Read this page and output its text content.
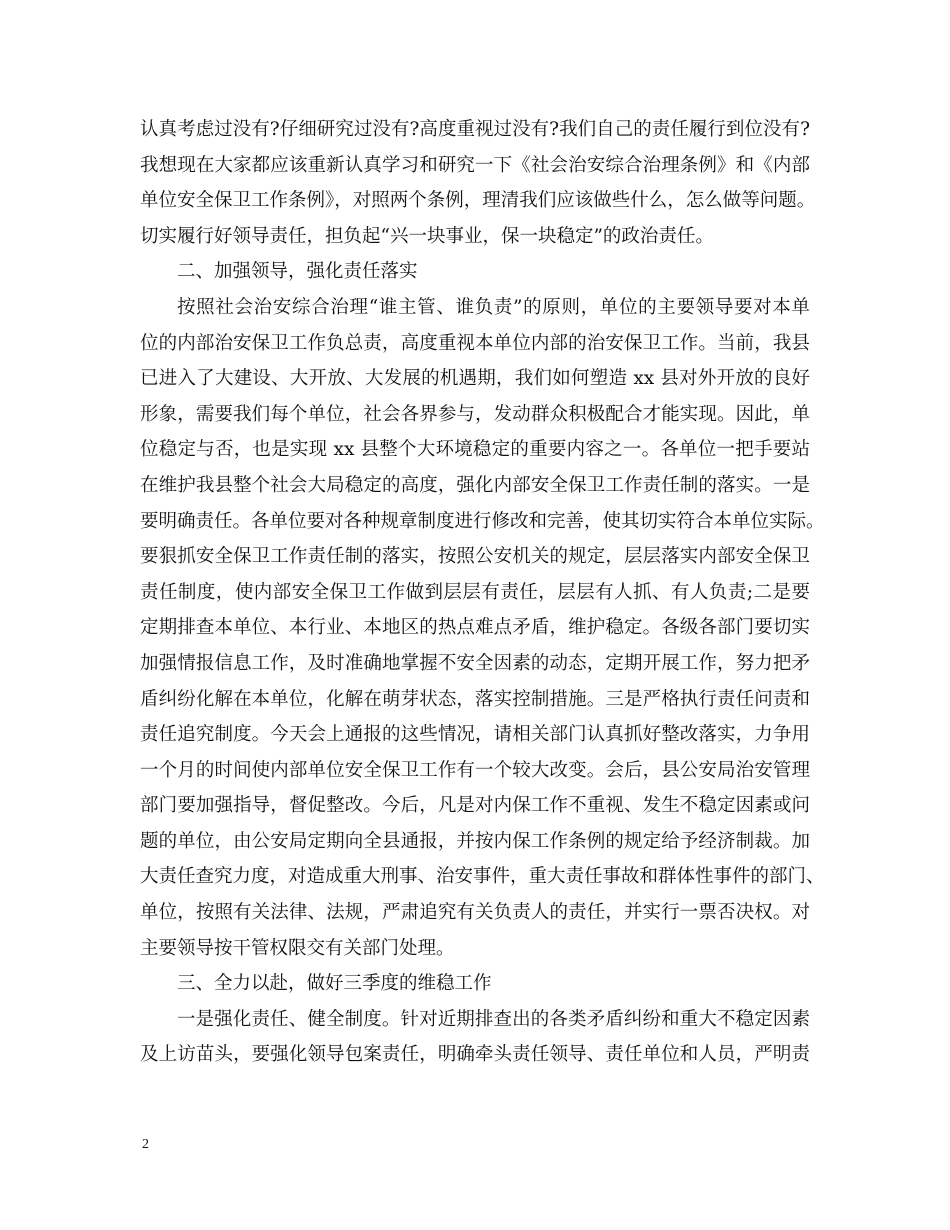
认真考虑过没有?仔细研究过没有?高度重视过没有?我们自己的责任履行到位没有?
我想现在大家都应该重新认真学习和研究一下《社会治安综合治理条例》和《内部
单位安全保卫工作条例》，对照两个条例，理清我们应该做些什么，怎么做等问题。
切实履行好领导责任，担负起“兴一块事业，保一块稳定”的政治责任。
二、加强领导，强化责任落实
按照社会治安综合治理“谁主管、谁负责”的原则，单位的主要领导要对本单
位的内部治安保卫工作负总责，高度重视本单位内部的治安保卫工作。当前，我县
已进入了大建设、大开放、大发展的机遇期，我们如何塑造 xx 县对外开放的良好
形象，需要我们每个单位，社会各界参与，发动群众积极配合才能实现。因此，单
位稳定与否，也是实现 xx 县整个大环境稳定的重要内容之一。各单位一把手要站
在维护我县整个社会大局稳定的高度，强化内部安全保卫工作责任制的落实。一是
要明确责任。各单位要对各种规章制度进行修改和完善，使其切实符合本单位实际。
要狠抓安全保卫工作责任制的落实，按照公安机关的规定，层层落实内部安全保卫
责任制度，使内部安全保卫工作做到层层有责任，层层有人抓、有人负责;二是要
定期排查本单位、本行业、本地区的热点难点矛盾，维护稳定。各级各部门要切实
加强情报信息工作，及时准确地掌握不安全因素的动态，定期开展工作，努力把矛
盾纠纷化解在本单位，化解在萌芽状态，落实控制措施。三是严格执行责任问责和
责任追究制度。今天会上通报的这些情况，请相关部门认真抓好整改落实，力争用
一个月的时间使内部单位安全保卫工作有一个较大改变。会后，县公安局治安管理
部门要加强指导，督促整改。今后，凡是对内保工作不重视、发生不稳定因素或问
题的单位，由公安局定期向全县通报，并按内保工作条例的规定给予经济制裁。加
大责任查究力度，对造成重大刑事、治安事件，重大责任事故和群体性事件的部门、
单位，按照有关法律、法规，严肃追究有关负责人的责任，并实行一票否决权。对
主要领导按干管权限交有关部门处理。
三、全力以赴，做好三季度的维稳工作
一是强化责任、健全制度。针对近期排查出的各类矛盾纠纷和重大不稳定因素
及上访苗头，要强化领导包案责任，明确牵头责任领导、责任单位和人员，严明责
2
